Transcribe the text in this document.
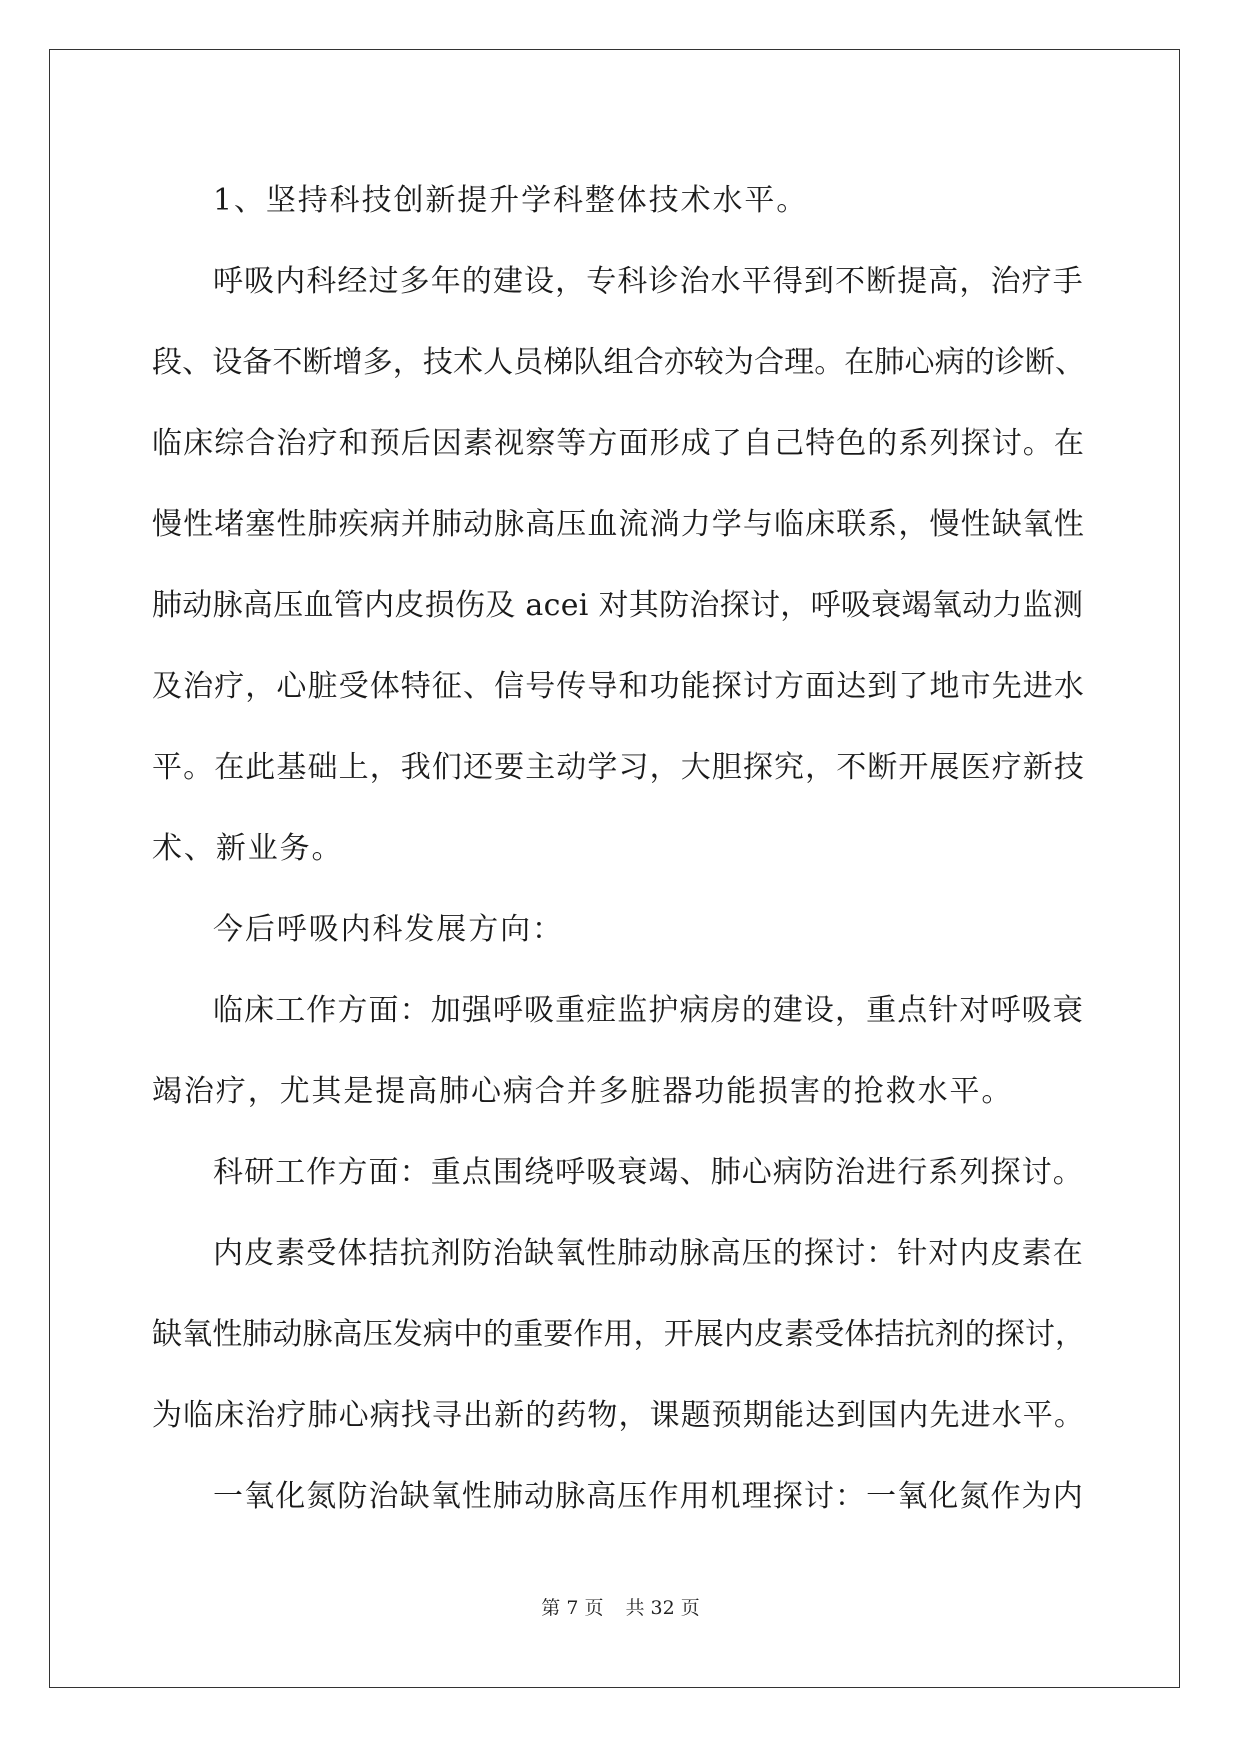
1、坚持科技创新提升学科整体技术水平。

呼吸内科经过多年的建设，专科诊治水平得到不断提高，治疗手
段、设备不断增多，技术人员梯队组合亦较为合理。在肺心病的诊断、
临床综合治疗和预后因素视察等方面形成了自己特色的系列探讨。在
慢性堵塞性肺疾病并肺动脉高压血流淌力学与临床联系，慢性缺氧性
肺动脉高压血管内皮损伤及 acei 对其防治探讨，呼吸衰竭氧动力监测
及治疗，心脏受体特征、信号传导和功能探讨方面达到了地市先进水
平。在此基础上，我们还要主动学习，大胆探究，不断开展医疗新技
术、新业务。

今后呼吸内科发展方向：

临床工作方面：加强呼吸重症监护病房的建设，重点针对呼吸衰
竭治疗，尤其是提高肺心病合并多脏器功能损害的抢救水平。

科研工作方面：重点围绕呼吸衰竭、肺心病防治进行系列探讨。

内皮素受体拮抗剂防治缺氧性肺动脉高压的探讨：针对内皮素在
缺氧性肺动脉高压发病中的重要作用，开展内皮素受体拮抗剂的探讨，
为临床治疗肺心病找寻出新的药物，课题预期能达到国内先进水平。

一氧化氮防治缺氧性肺动脉高压作用机理探讨：一氧化氮作为内

第 7 页 共 32 页
